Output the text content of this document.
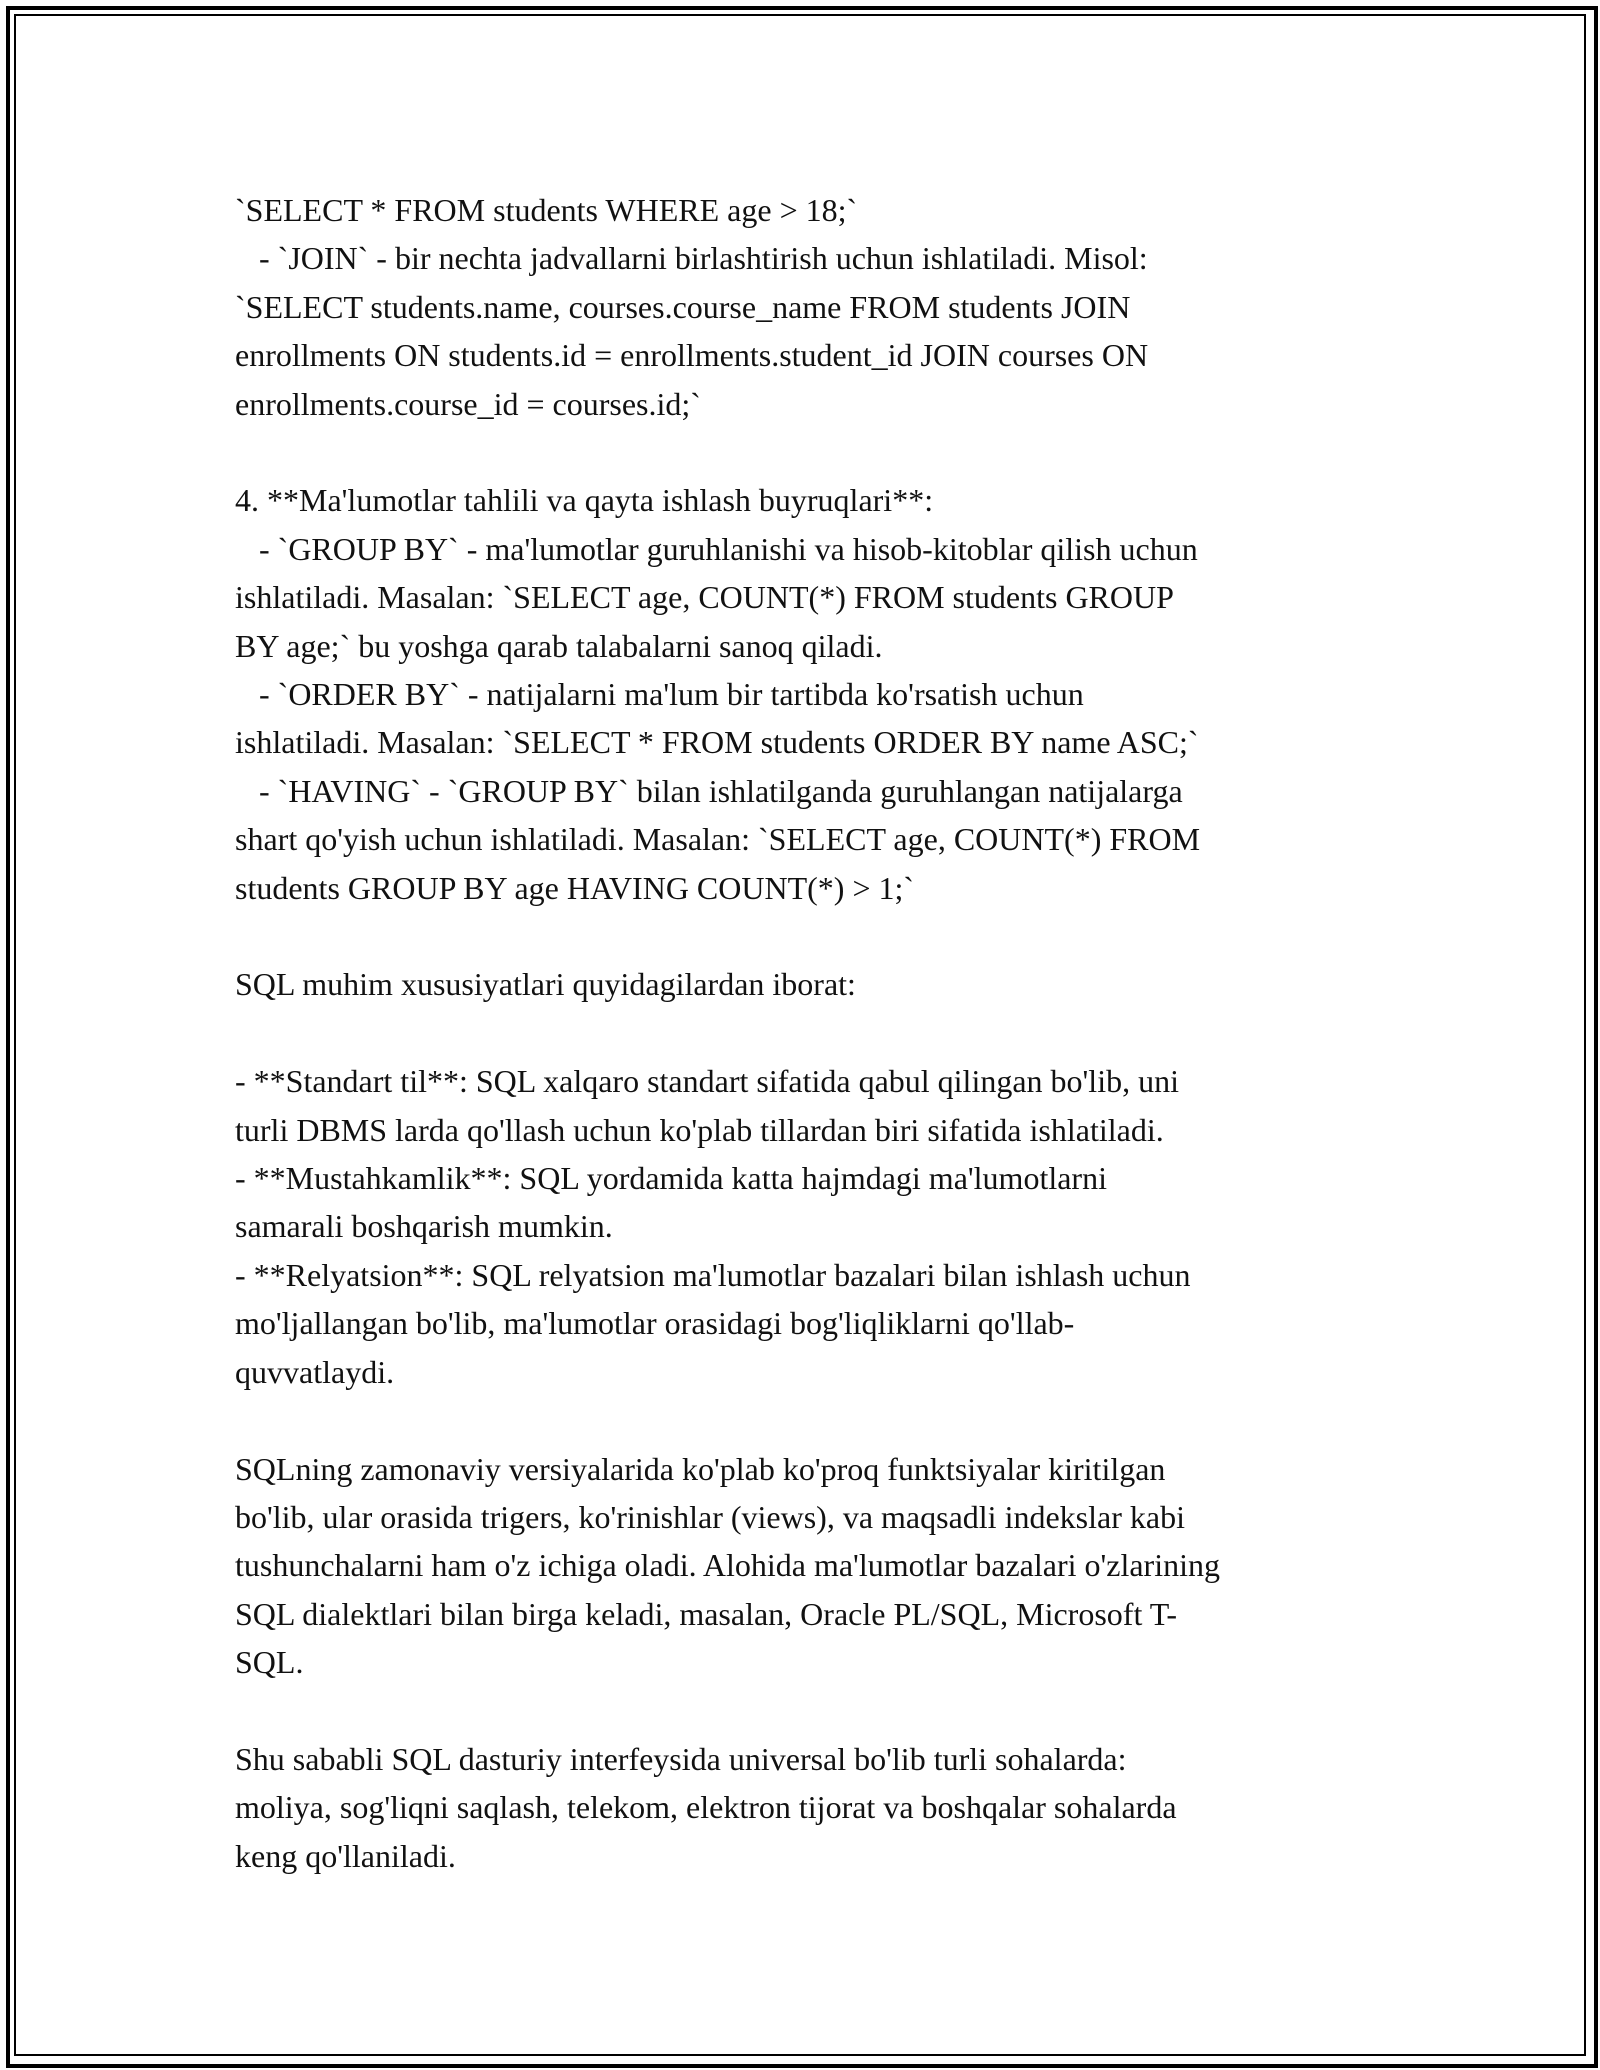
`SELECT * FROM students WHERE age > 18;`
- `JOIN` - bir nechta jadvallarni birlashtirish uchun ishlatiladi. Misol:
`SELECT students.name, courses.course_name FROM students JOIN
enrollments ON students.id = enrollments.student_id JOIN courses ON
enrollments.course_id = courses.id;`
4. **Ma'lumotlar tahlili va qayta ishlash buyruqlari**:
- `GROUP BY` - ma'lumotlar guruhlanishi va hisob-kitoblar qilish uchun
ishlatiladi. Masalan: `SELECT age, COUNT(*) FROM students GROUP
BY age;` bu yoshga qarab talabalarni sanoq qiladi.
- `ORDER BY` - natijalarni ma'lum bir tartibda ko'rsatish uchun
ishlatiladi. Masalan: `SELECT * FROM students ORDER BY name ASC;`
- `HAVING` - `GROUP BY` bilan ishlatilganda guruhlangan natijalarga
shart qo'yish uchun ishlatiladi. Masalan: `SELECT age, COUNT(*) FROM
students GROUP BY age HAVING COUNT(*) > 1;`
SQL muhim xususiyatlari quyidagilardan iborat:
- **Standart til**: SQL xalqaro standart sifatida qabul qilingan bo'lib, uni
turli DBMS larda qo'llash uchun ko'plab tillardan biri sifatida ishlatiladi.
- **Mustahkamlik**: SQL yordamida katta hajmdagi ma'lumotlarni
samarali boshqarish mumkin.
- **Relyatsion**: SQL relyatsion ma'lumotlar bazalari bilan ishlash uchun
mo'ljallangan bo'lib, ma'lumotlar orasidagi bog'liqliklarni qo'llab-
quvvatlaydi.
SQLning zamonaviy versiyalarida ko'plab ko'proq funktsiyalar kiritilgan
bo'lib, ular orasida trigers, ko'rinishlar (views), va maqsadli indekslar kabi
tushunchalarni ham o'z ichiga oladi. Alohida ma'lumotlar bazalari o'zlarining
SQL dialektlari bilan birga keladi, masalan, Oracle PL/SQL, Microsoft T-
SQL.
Shu sababli SQL dasturiy interfeysida universal bo'lib turli sohalarda:
moliya, sog'liqni saqlash, telekom, elektron tijorat va boshqalar sohalarda
keng qo'llaniladi.
